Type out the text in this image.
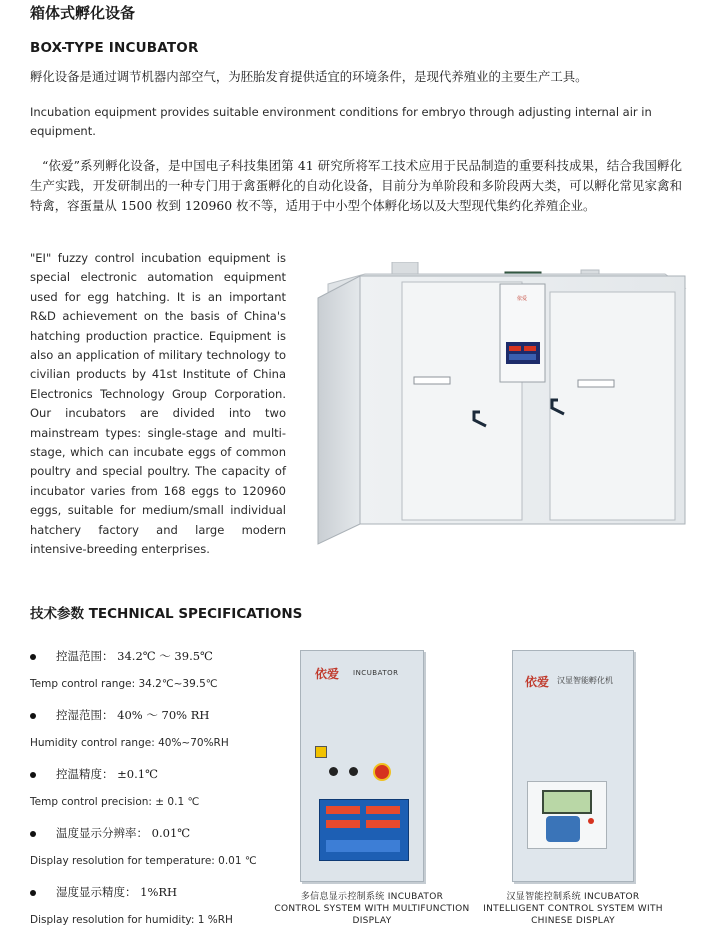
箱体式孵化设备
BOX-TYPE INCUBATOR
孵化设备是通过调节机器内部空气，为胚胎发育提供适宜的环境条件，是现代养殖业的主要生产工具。
Incubation equipment provides suitable environment conditions for embryo through adjusting internal air in equipment.
“依爱”系列孵化设备，是中国电子科技集团第 41 研究所将军工技术应用于民品制造的重要科技成果，结合我国孵化生产实践，开发研制出的一种专门用于禽蛋孵化的自动化设备，目前分为单阶段和多阶段两大类，可以孵化常见家禽和特禽，容蛋量从 1500 枚到 120960 枚不等，适用于中小型个体孵化场以及大型现代集约化养殖企业。
"EI" fuzzy control incubation equipment is special electronic automation equipment used for egg hatching. It is an important R&D achievement on the basis of China's hatching production practice. Equipment is also an application of military technology to civilian products by 41st Institute of China Electronics Technology Group Corporation. Our incubators are divided into two mainstream types: single-stage and multi-stage, which can incubate eggs of common poultry and special poultry. The capacity of incubator varies from 168 eggs to 120960 eggs, suitable for medium/small individual hatchery factory and large modern intensive-breeding enterprises.
依爱
技术参数 TECHNICAL SPECIFICATIONS
控温范围： 34.2℃ ～ 39.5℃
Temp control range: 34.2℃~39.5℃
控湿范围： 40% ～ 70% RH
Humidity control range: 40%~70%RH
控温精度： ±0.1℃
Temp control precision: ± 0.1 ℃
温度显示分辨率： 0.01℃
Display resolution for temperature: 0.01 ℃
湿度显示精度： 1%RH
Display resolution for humidity: 1 %RH
依爱 INCUBATOR
多信息显示控制系统 INCUBATOR
CONTROL SYSTEM WITH MULTIFUNCTION
DISPLAY
依爱 汉显智能孵化机
汉显智能控制系统 INCUBATOR
INTELLIGENT CONTROL SYSTEM WITH
CHINESE DISPLAY
